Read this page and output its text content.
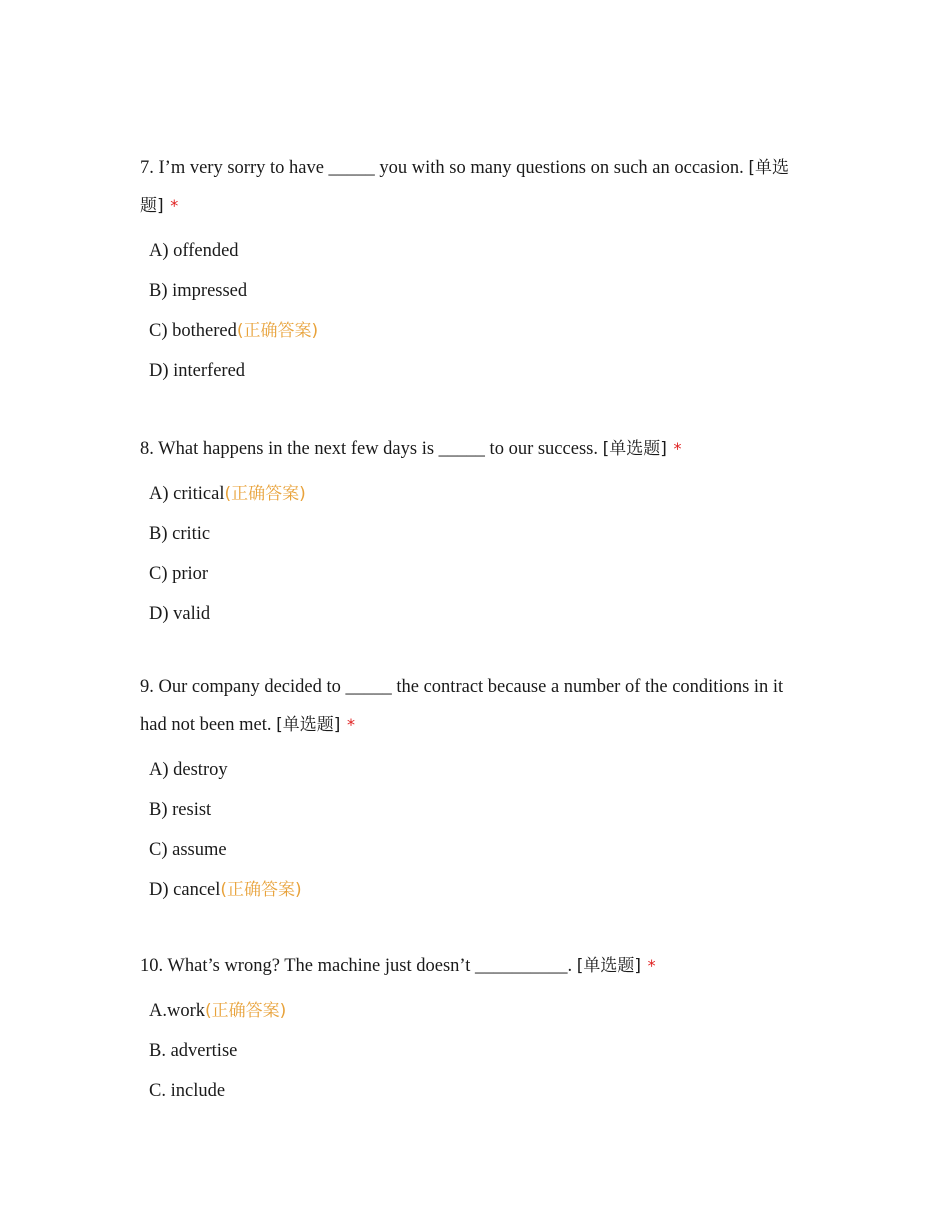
7. I’m very sorry to have _____ you with so many questions on such an occasion. [单选题] *

A) offended
B) impressed
C) bothered(正确答案)
D) interfered

8. What happens in the next few days is _____ to our success. [单选题] *

A) critical(正确答案)
B) critic
C) prior
D) valid

9. Our company decided to _____ the contract because a number of the conditions in it had not been met. [单选题] *

A) destroy
B) resist
C) assume
D) cancel(正确答案)

10. What’s wrong? The machine just doesn’t __________. [单选题] *

A.work(正确答案)
B. advertise
C. include
